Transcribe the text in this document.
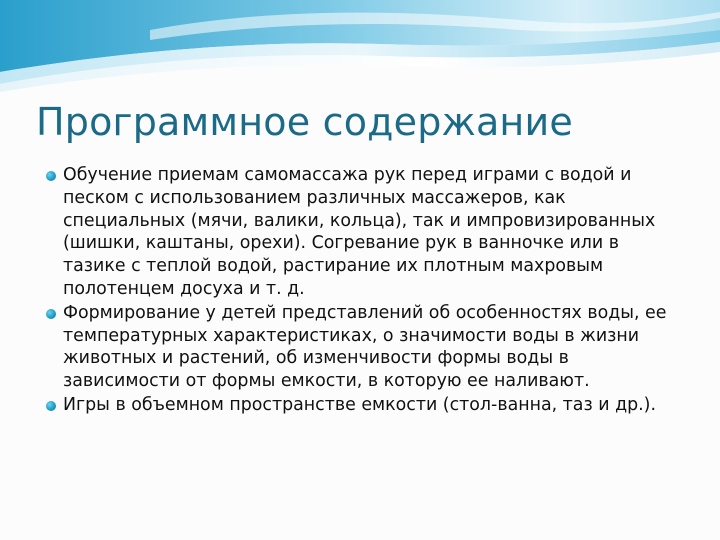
Программное содержание
Обучение приемам самомассажа рук перед играми с водой и песком с использованием различных массажеров, как специальных (мячи, валики, кольца), так и импровизированных (шишки, каштаны, орехи). Согревание рук в ванночке или в тазике с теплой водой, растирание их плотным махровым полотенцем досуха и т. д.
Формирование у детей представлений об особенностях воды, ее температурных характеристиках, о значимости воды в жизни животных и растений, об изменчивости формы воды в зависимости от формы емкости, в которую ее наливают.
Игры в объемном пространстве емкости (стол-ванна, таз и др.).
